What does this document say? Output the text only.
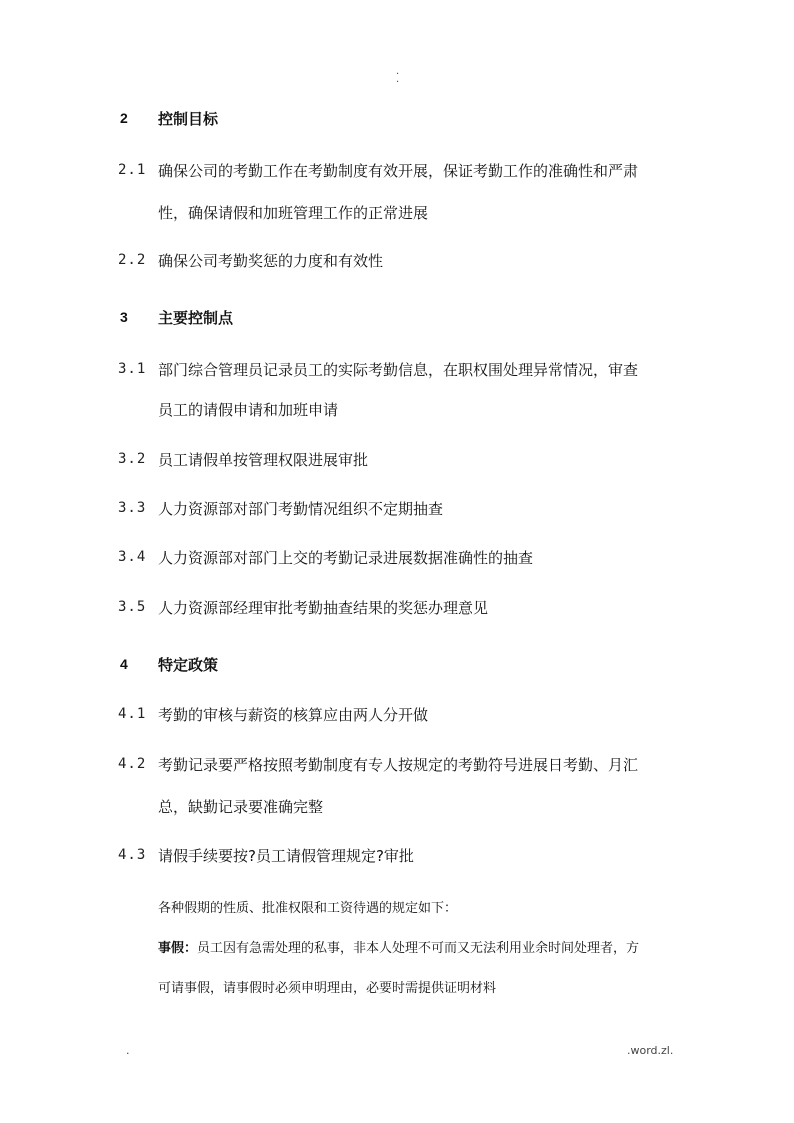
.
.
2 控制目标
2.1 确保公司的考勤工作在考勤制度有效开展，保证考勤工作的准确性和严肃
性，确保请假和加班管理工作的正常进展
2.2 确保公司考勤奖惩的力度和有效性
3 主要控制点
3.1 部门综合管理员记录员工的实际考勤信息，在职权围处理异常情况，审查
员工的请假申请和加班申请
3.2 员工请假单按管理权限进展审批
3.3 人力资源部对部门考勤情况组织不定期抽查
3.4 人力资源部对部门上交的考勤记录进展数据准确性的抽查
3.5 人力资源部经理审批考勤抽查结果的奖惩办理意见
4 特定政策
4.1 考勤的审核与薪资的核算应由两人分开做
4.2 考勤记录要严格按照考勤制度有专人按规定的考勤符号进展日考勤、月汇
总，缺勤记录要准确完整
4.3 请假手续要按?员工请假管理规定?审批
各种假期的性质、批准权限和工资待遇的规定如下：
事假：员工因有急需处理的私事，非本人处理不可而又无法利用业余时间处理者，方
可请事假，请事假时必须申明理由，必要时需提供证明材料
.	.word.zl.
